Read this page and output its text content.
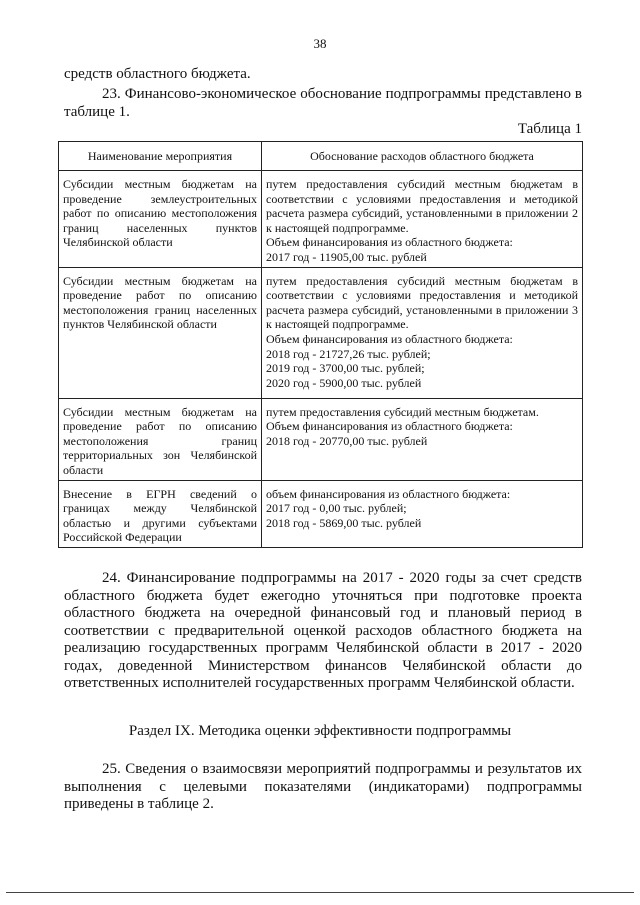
38
средств областного бюджета.
23. Финансово-экономическое обоснование подпрограммы представлено в таблице 1.
Таблица 1
Наименование мероприятия	Обоснование расходов областного бюджета
Субсидии местным бюджетам на проведение землеустроительных работ по описанию местоположения границ населенных пунктов Челябинской области	путем предоставления субсидий местным бюджетам в соответствии с условиями предоставления и методикой расчета размера субсидий, установленными в приложении 2 к настоящей подпрограмме.

Объем финансирования из областного бюджета:

2017 год - 11905,00 тыс. рублей

Субсидии местным бюджетам на проведение работ по описанию местоположения границ населенных пунктов Челябинской области	путем предоставления субсидий местным бюджетам в соответствии с условиями предоставления и методикой расчета размера субсидий, установленными в приложении 3 к настоящей подпрограмме.

Объем финансирования из областного бюджета:

2018 год - 21727,26 тыс. рублей;

2019 год - 3700,00 тыс. рублей;

2020 год - 5900,00 тыс. рублей

Субсидии местным бюджетам на проведение работ по описанию местоположения границ территориальных зон Челябинской области	путем предоставления субсидий местным бюджетам.

Объем финансирования из областного бюджета:

2018 год - 20770,00 тыс. рублей

Внесение в ЕГРН сведений о границах между Челябинской областью и другими субъектами Российской Федерации	объем финансирования из областного бюджета:

2017 год - 0,00 тыс. рублей;

2018 год - 5869,00 тыс. рублей

24. Финансирование подпрограммы на 2017 - 2020 годы за счет средств областного бюджета будет ежегодно уточняться при подготовке проекта областного бюджета на очередной финансовый год и плановый период в соответствии с предварительной оценкой расходов областного бюджета на реализацию государственных программ Челябинской области в 2017 - 2020 годах, доведенной Министерством финансов Челябинской области до ответственных исполнителей государственных программ Челябинской области.
Раздел IX. Методика оценки эффективности подпрограммы
25. Сведения о взаимосвязи мероприятий подпрограммы и результатов их выполнения с целевыми показателями (индикаторами) подпрограммы приведены в таблице 2.
